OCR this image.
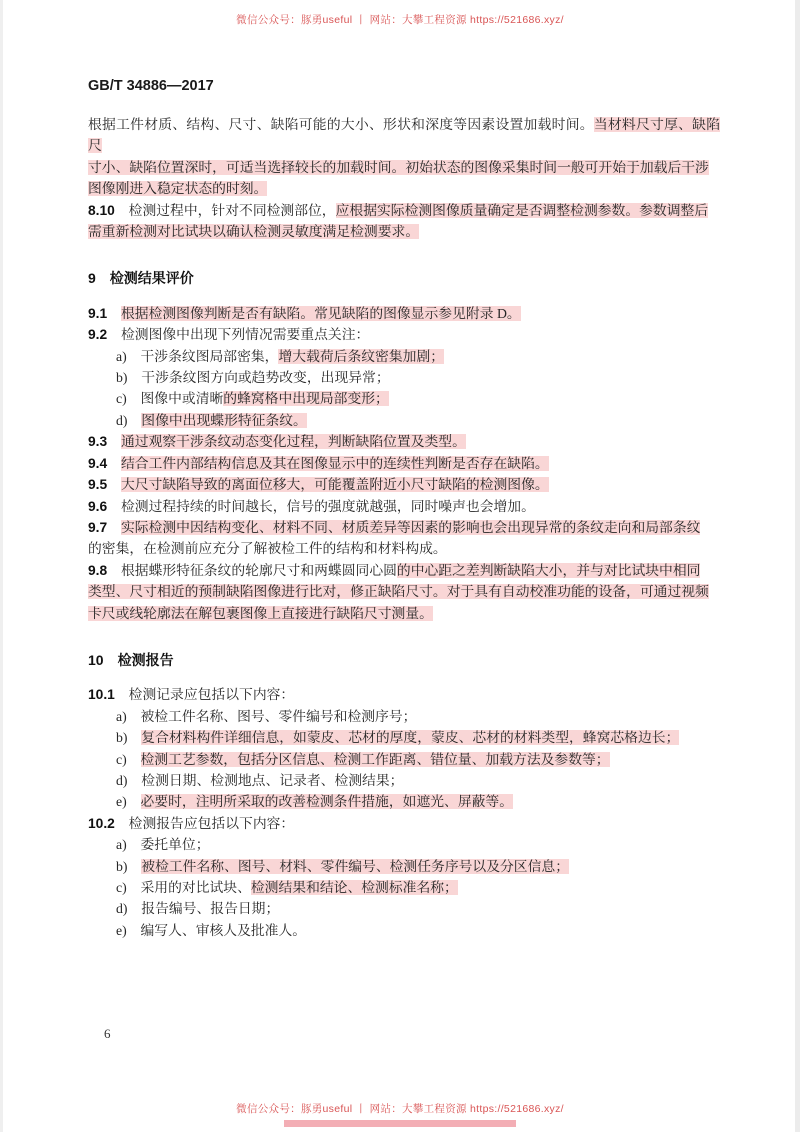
微信公众号：豚勇useful 丨 网站：大攀工程资源 https://521686.xyz/
GB/T 34886—2017
根据工件材质、结构、尺寸、缺陷可能的大小、形状和深度等因素设置加载时间。当材料尺寸厚、缺陷尺
寸小、缺陷位置深时，可适当选择较长的加载时间。初始状态的图像采集时间一般可开始于加载后干涉
图像刚进入稳定状态的时刻。
8.10　检测过程中，针对不同检测部位，应根据实际检测图像质量确定是否调整检测参数。参数调整后
需重新检测对比试块以确认检测灵敏度满足检测要求。
9　检测结果评价
9.1　根据检测图像判断是否有缺陷。常见缺陷的图像显示参见附录 D。
9.2　检测图像中出现下列情况需要重点关注：
a)　干涉条纹图局部密集，增大载荷后条纹密集加剧；
b)　干涉条纹图方向或趋势改变，出现异常；
c)　图像中或清晰的蜂窝格中出现局部变形；
d)　图像中出现蝶形特征条纹。
9.3　通过观察干涉条纹动态变化过程，判断缺陷位置及类型。
9.4　结合工件内部结构信息及其在图像显示中的连续性判断是否存在缺陷。
9.5　大尺寸缺陷导致的离面位移大，可能覆盖附近小尺寸缺陷的检测图像。
9.6　检测过程持续的时间越长，信号的强度就越强，同时噪声也会增加。
9.7　实际检测中因结构变化、材料不同、材质差异等因素的影响也会出现异常的条纹走向和局部条纹
的密集，在检测前应充分了解被检工件的结构和材料构成。
9.8　根据蝶形特征条纹的轮廓尺寸和两蝶圆同心圆的中心距之差判断缺陷大小，并与对比试块中相同
类型、尺寸相近的预制缺陷图像进行比对，修正缺陷尺寸。对于具有自动校准功能的设备，可通过视频
卡尺或线轮廓法在解包裹图像上直接进行缺陷尺寸测量。
10　检测报告
10.1　检测记录应包括以下内容：
a)　被检工件名称、图号、零件编号和检测序号；
b)　复合材料构件详细信息，如蒙皮、芯材的厚度，蒙皮、芯材的材料类型，蜂窝芯格边长；
c)　检测工艺参数，包括分区信息、检测工作距离、错位量、加载方法及参数等；
d)　检测日期、检测地点、记录者、检测结果；
e)　必要时，注明所采取的改善检测条件措施，如遮光、屏蔽等。
10.2　检测报告应包括以下内容：
a)　委托单位；
b)　被检工件名称、图号、材料、零件编号、检测任务序号以及分区信息；
c)　采用的对比试块、检测结果和结论、检测标准名称；
d)　报告编号、报告日期；
e)　编写人、审核人及批准人。
6
微信公众号：豚勇useful 丨 网站：大攀工程资源 https://521686.xyz/
